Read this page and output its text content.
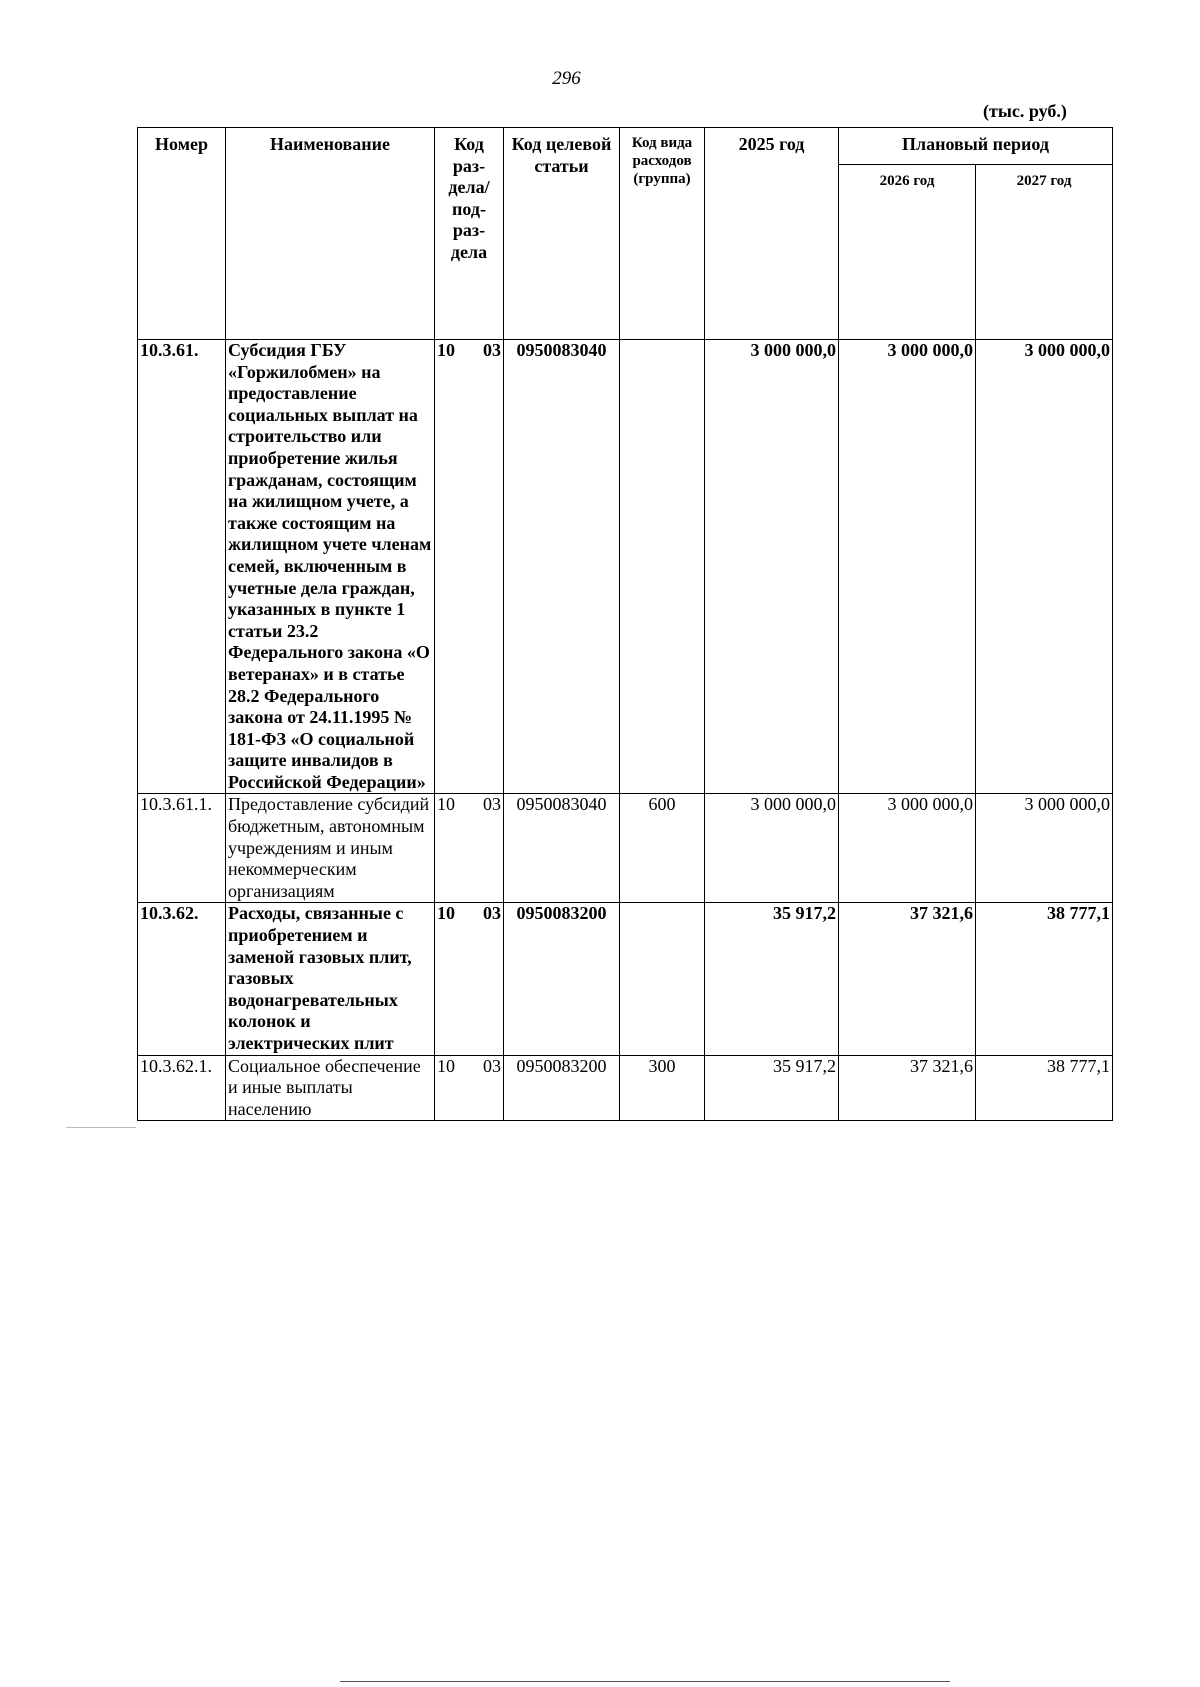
296
(тыс. руб.)
Номер	Наименование	Код раз- дела/ под- раз- дела	Код целевой статьи	Код вида расходов (группа)	2025 год	Плановый период	
						2026 год	2027 год
10.3.61.	Субсидия ГБУ «Горжилобмен» на предоставление социальных выплат на строительство или приобретение жилья гражданам, состоящим на жилищном учете, а также состоящим на жилищном учете членам семей, включенным в учетные дела граждан, указанных в пункте 1 статьи 23.2 Федерального закона «О ветеранах» и в статье 28.2 Федерального закона от 24.11.1995 № 181-ФЗ «О социальной защите инвалидов в Российской Федерации»	10 03	0950083040		3 000 000,0	3 000 000,0	3 000 000,0
10.3.61.1.	Предоставление субсидий бюджетным, автономным учреждениям и иным некоммерческим организациям	10 03	0950083040	600	3 000 000,0	3 000 000,0	3 000 000,0
10.3.62.	Расходы, связанные с приобретением и заменой газовых плит, газовых водонагревательных колонок и электрических плит	10 03	0950083200		35 917,2	37 321,6	38 777,1
10.3.62.1.	Социальное обеспечение и иные выплаты населению	10 03	0950083200	300	35 917,2	37 321,6	38 777,1
